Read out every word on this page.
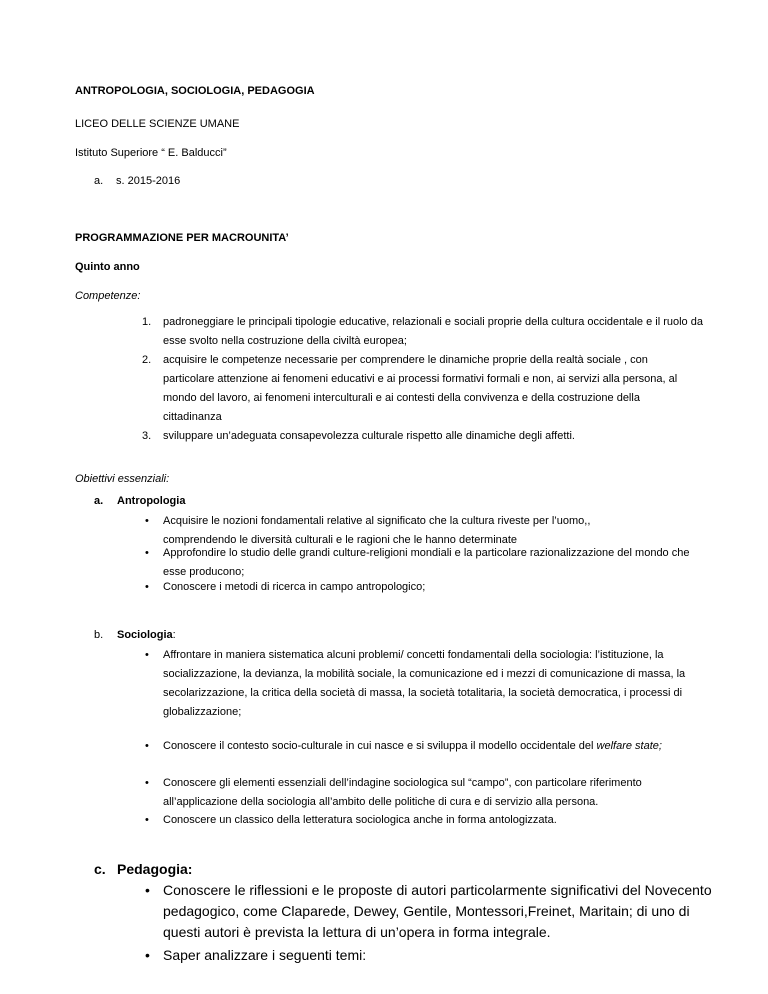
ANTROPOLOGIA, SOCIOLOGIA, PEDAGOGIA
LICEO DELLE SCIENZE UMANE
Istituto Superiore “ E. Balducci”
a. s. 2015-2016
PROGRAMMAZIONE PER MACROUNITA’
Quinto anno
Competenze:
1. padroneggiare le principali tipologie educative, relazionali e sociali proprie della cultura occidentale e il ruolo da esse svolto nella costruzione della civiltà europea;
2. acquisire le competenze necessarie per comprendere le dinamiche proprie della realtà sociale , con particolare attenzione ai fenomeni educativi e ai processi formativi formali e non, ai servizi alla persona, al mondo del lavoro, ai fenomeni interculturali e ai contesti della convivenza e della costruzione della cittadinanza
3. sviluppare un’adeguata consapevolezza culturale rispetto alle dinamiche degli affetti.
Obiettivi essenziali:
a. Antropologia
• Acquisire le nozioni fondamentali relative al significato che la cultura riveste per l’uomo,, comprendendo le diversità culturali e le ragioni che le hanno determinate
• Approfondire lo studio delle grandi culture-religioni mondiali e la particolare razionalizzazione del mondo che esse producono;
• Conoscere i metodi di ricerca in campo antropologico;
b. Sociologia:
• Affrontare in maniera sistematica alcuni problemi/ concetti fondamentali della sociologia: l’istituzione, la socializzazione, la devianza, la mobilità sociale, la comunicazione ed i mezzi di comunicazione di massa, la secolarizzazione, la critica della società di massa, la società totalitaria, la società democratica, i processi di globalizzazione;
• Conoscere il contesto socio-culturale in cui nasce e si sviluppa il modello occidentale del welfare state;
• Conoscere gli elementi essenziali dell’indagine sociologica sul “campo”, con particolare riferimento all’applicazione della sociologia all’ambito delle politiche di cura e di servizio alla persona.
• Conoscere un classico della letteratura sociologica anche in forma antologizzata.
c. Pedagogia:
• Conoscere le riflessioni e le proposte di autori particolarmente significativi del Novecento pedagogico, come Claparede, Dewey, Gentile, Montessori,Freinet, Maritain; di uno di questi autori è prevista la lettura di un’opera in forma integrale.
• Saper analizzare i seguenti temi:
